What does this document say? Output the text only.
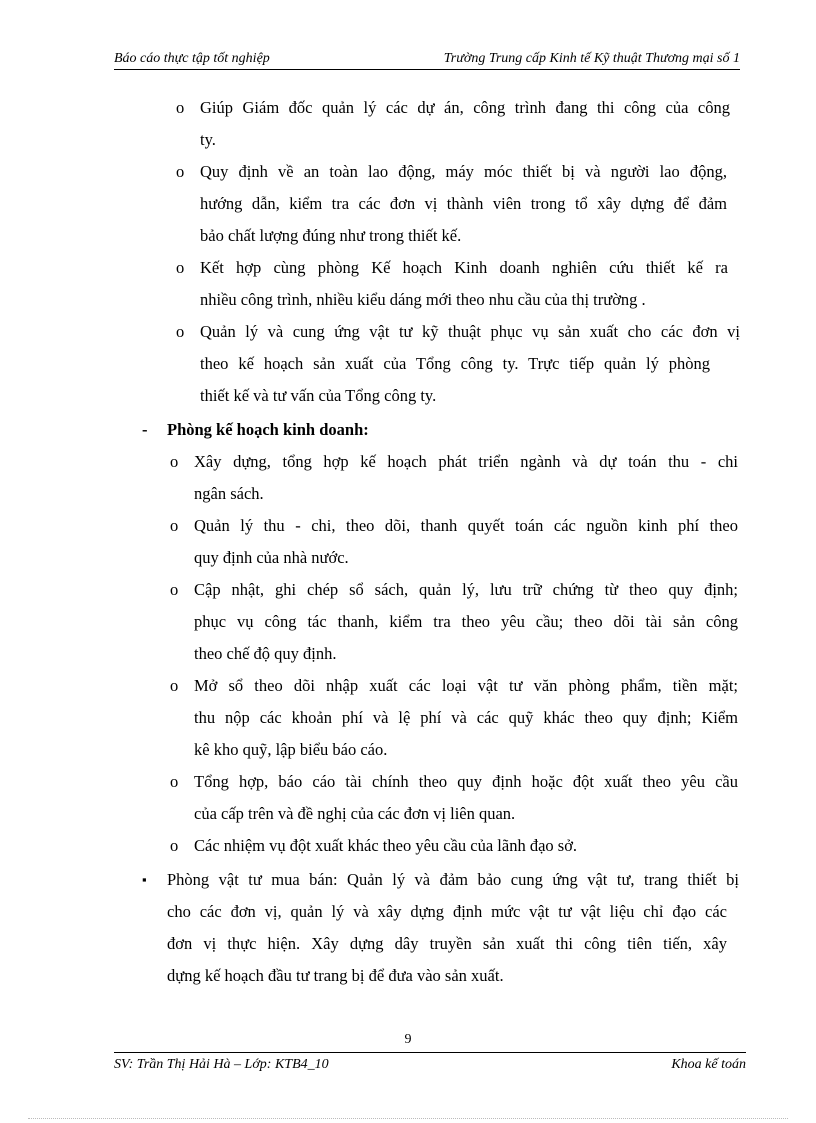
Báo cáo thực tập tốt nghiệp	Trường Trung cấp Kinh tế Kỹ thuật Thương mại số 1
o Giúp Giám đốc quản lý các dự án, công trình đang thi công của công
ty.
o Quy định về an toàn lao động, máy móc thiết bị và người lao động,
hướng dẫn, kiểm tra các đơn vị thành viên trong tổ xây dựng để đảm
bảo chất lượng đúng như trong thiết kế.
o Kết hợp cùng phòng Kế hoạch Kinh doanh nghiên cứu thiết kế ra
nhiều công trình, nhiều kiểu dáng mới theo nhu cầu của thị trường .
o Quản lý và cung ứng vật tư kỹ thuật phục vụ sản xuất cho các đơn vị
theo kế hoạch sản xuất của Tổng công ty. Trực tiếp quản lý phòng
thiết kế và tư vấn của Tổng công ty.
- Phòng kế hoạch kinh doanh:
o Xây dựng, tổng hợp kế hoạch phát triển ngành và dự toán thu - chi
ngân sách.
o Quản lý thu - chi, theo dõi, thanh quyết toán các nguồn kinh phí theo
quy định của nhà nước.
o Cập nhật, ghi chép sổ sách, quản lý, lưu trữ chứng từ theo quy định;
phục vụ công tác thanh, kiểm tra theo yêu cầu; theo dõi tài sản công
theo chế độ quy định.
o Mở sổ theo dõi nhập xuất các loại vật tư văn phòng phẩm, tiền mặt;
thu nộp các khoản phí và lệ phí và các quỹ khác theo quy định; Kiểm
kê kho quỹ, lập biểu báo cáo.
o Tổng hợp, báo cáo tài chính theo quy định hoặc đột xuất theo yêu cầu
của cấp trên và đề nghị của các đơn vị liên quan.
o Các nhiệm vụ đột xuất khác theo yêu cầu của lãnh đạo sở.
▪ Phòng vật tư mua bán: Quản lý và đảm bảo cung ứng vật tư, trang thiết bị
cho các đơn vị, quản lý và xây dựng định mức vật tư vật liệu chỉ đạo các
đơn vị thực hiện. Xây dựng dây truyền sản xuất thi công tiên tiến, xây
dựng kế hoạch đầu tư trang bị để đưa vào sản xuất.
9
SV: Trần Thị Hải Hà – Lớp: KTB4_10	Khoa kế toán
